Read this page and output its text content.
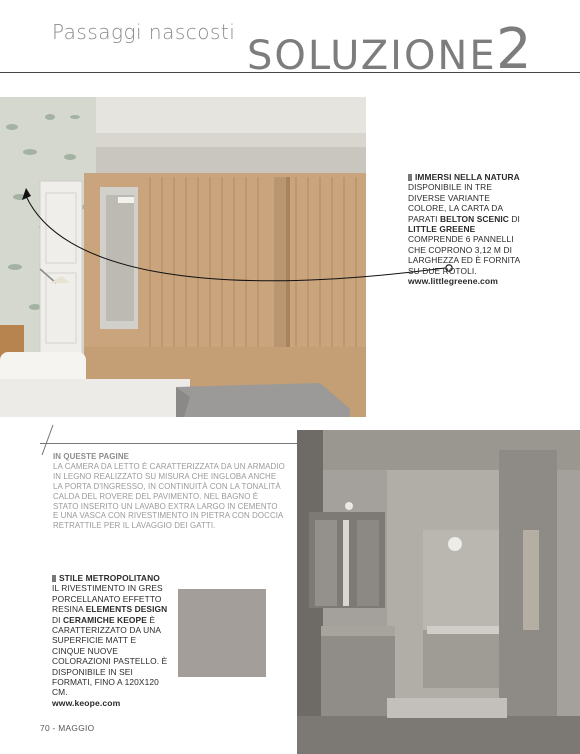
Passaggi nascosti
SOLUZIONE 2
IMMERSI NELLA NATURA
DISPONIBILE IN TRE DIVERSE VARIANTE COLORE, LA CARTA DA PARATI BELTON SCENIC DI LITTLE GREENE COMPRENDE 6 PANNELLI CHE COPRONO 3,12 M DI LARGHEZZA ED È FORNITA SU DUE ROTOLI.
www.littlegreene.com
IN QUESTE PAGINE
LA CAMERA DA LETTO È CARATTERIZZATA DA UN ARMADIO IN LEGNO REALIZZATO SU MISURA CHE INGLOBA ANCHE LA PORTA D'INGRESSO, IN CONTINUITÀ CON LA TONALITÀ CALDA DEL ROVERE DEL PAVIMENTO. NEL BAGNO È STATO INSERITO UN LAVABO EXTRA LARGO IN CEMENTO E UNA VASCA CON RIVESTIMENTO IN PIETRA CON DOCCIA RETRATTILE PER IL LAVAGGIO DEI GATTI.
STILE METROPOLITANO
IL RIVESTIMENTO IN GRES PORCELLANATO EFFETTO RESINA ELEMENTS DESIGN DI CERAMICHE KEOPE È CARATTERIZZATO DA UNA SUPERFICIE MATT E CINQUE NUOVE COLORAZIONI PASTELLO. È DISPONIBILE IN SEI FORMATI, FINO A 120X120 CM.
www.keope.com
70 - MAGGIO
